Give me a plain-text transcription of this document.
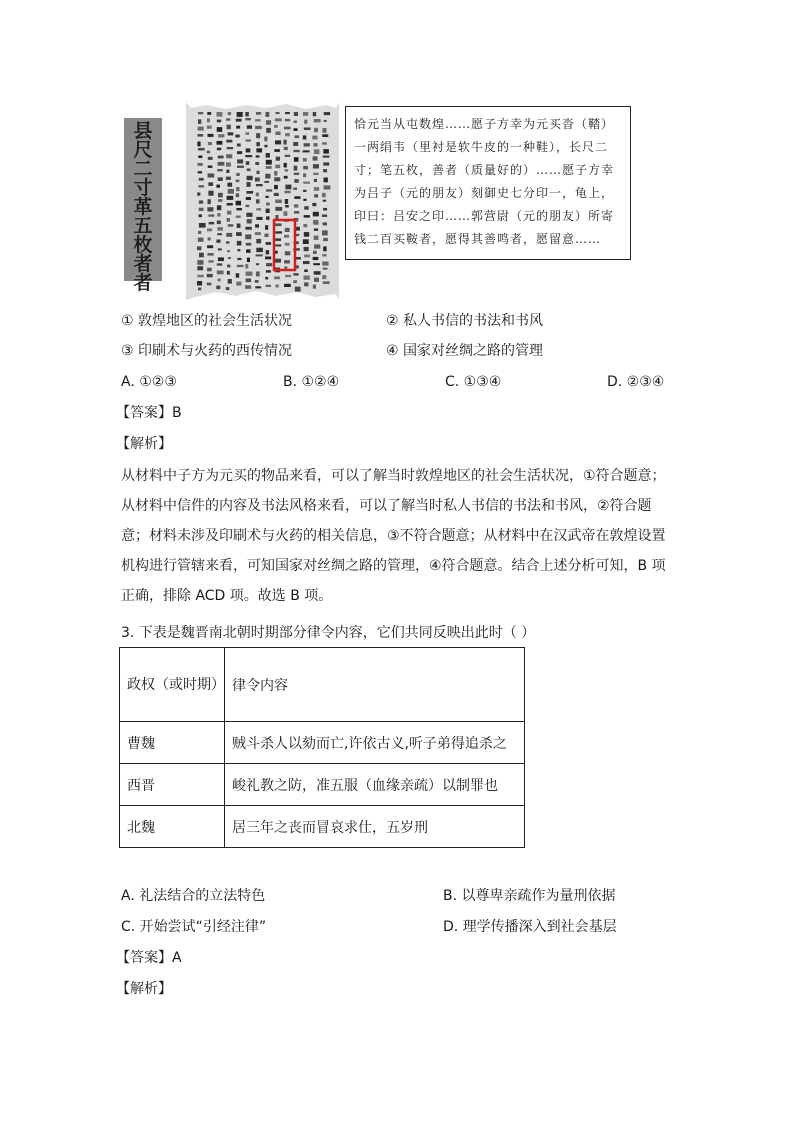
县
尺
二
寸
革
五
枚
者
者
恰元当从屯数煌……愿子方幸为元买沓（鞜）一两绢韦（里衬是软牛皮的一种鞋），长尺二寸；笔五枚，善者（质量好的）……愿子方幸为吕子（元的朋友）刻御史七分印一，龟上，印曰：吕安之印……郭营尉（元的朋友）所寄钱二百买鞍者，愿得其善鸣者，愿留意……
① 敦煌地区的社会生活状况	② 私人书信的书法和书风
③ 印刷术与火药的西传情况	④ 国家对丝绸之路的管理
A. ①②③	B. ①②④	C. ①③④	D. ②③④
【答案】B
【解析】
从材料中子方为元买的物品来看，可以了解当时敦煌地区的社会生活状况，①符合题意；
从材料中信件的内容及书法风格来看，可以了解当时私人书信的书法和书风，②符合题
意；材料未涉及印刷术与火药的相关信息，③不符合题意；从材料中在汉武帝在敦煌设置
机构进行管辖来看，可知国家对丝绸之路的管理，④符合题意。结合上述分析可知，B 项
正确，排除 ACD 项。故选 B 项。
3. 下表是魏晋南北朝时期部分律令内容，它们共同反映出此时（ ）
政权（或时期）	律令内容
曹魏	贼斗杀人以劾而亡,许依古义,听子弟得追杀之
西晋	峻礼教之防，准五服（血缘亲疏）以制罪也
北魏	居三年之丧而冒哀求仕，五岁刑
A. 礼法结合的立法特色	B. 以尊卑亲疏作为量刑依据
C. 开始尝试“引经注律”	D. 理学传播深入到社会基层
【答案】A
【解析】
